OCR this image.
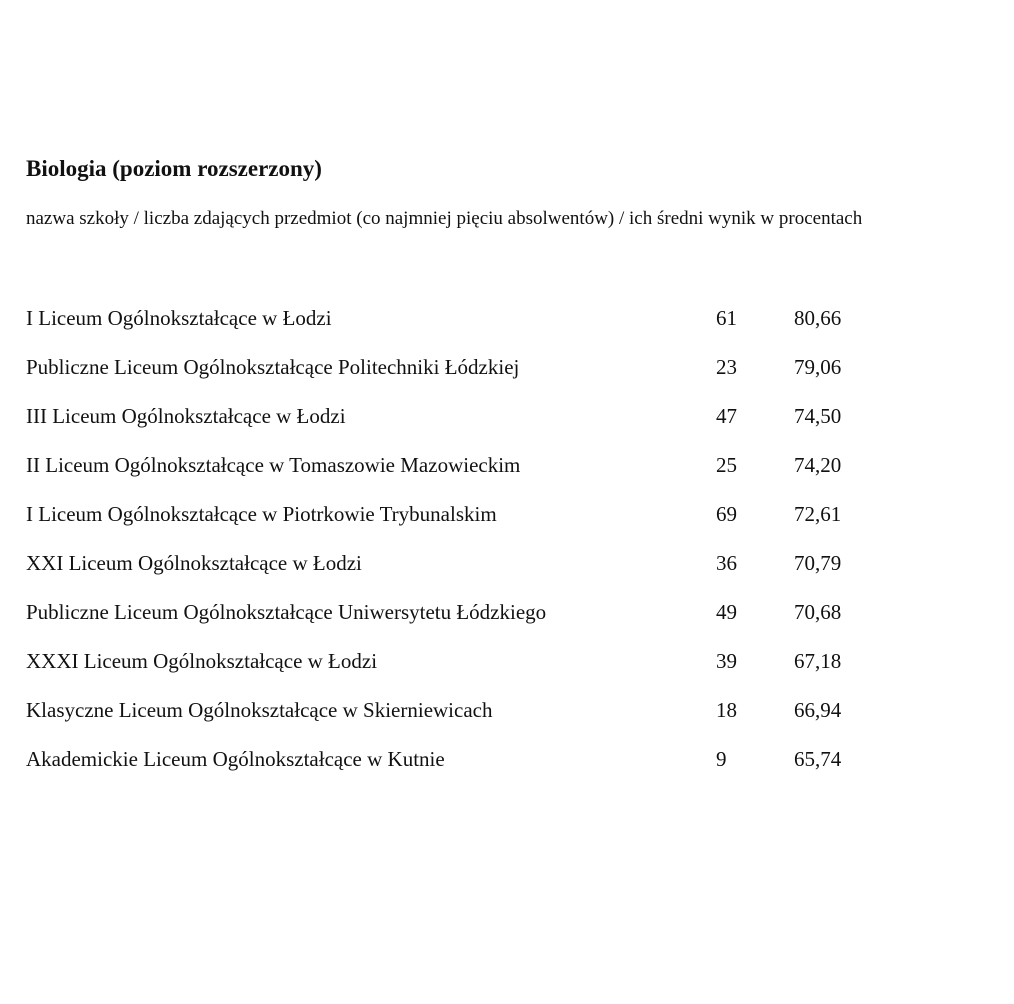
Biologia (poziom rozszerzony)
nazwa szkoły / liczba zdających przedmiot (co najmniej pięciu absolwentów) / ich średni wynik w procentach
I Liceum Ogólnokształcące w Łodzi	61	80,66
Publiczne Liceum Ogólnokształcące Politechniki Łódzkiej	23	79,06
III Liceum Ogólnokształcące w Łodzi	47	74,50
II Liceum Ogólnokształcące w Tomaszowie Mazowieckim	25	74,20
I Liceum Ogólnokształcące w Piotrkowie Trybunalskim	69	72,61
XXI Liceum Ogólnokształcące w Łodzi	36	70,79
Publiczne Liceum Ogólnokształcące Uniwersytetu Łódzkiego	49	70,68
XXXI Liceum Ogólnokształcące w Łodzi	39	67,18
Klasyczne Liceum Ogólnokształcące w Skierniewicach	18	66,94
Akademickie Liceum Ogólnokształcące w Kutnie	9	65,74
